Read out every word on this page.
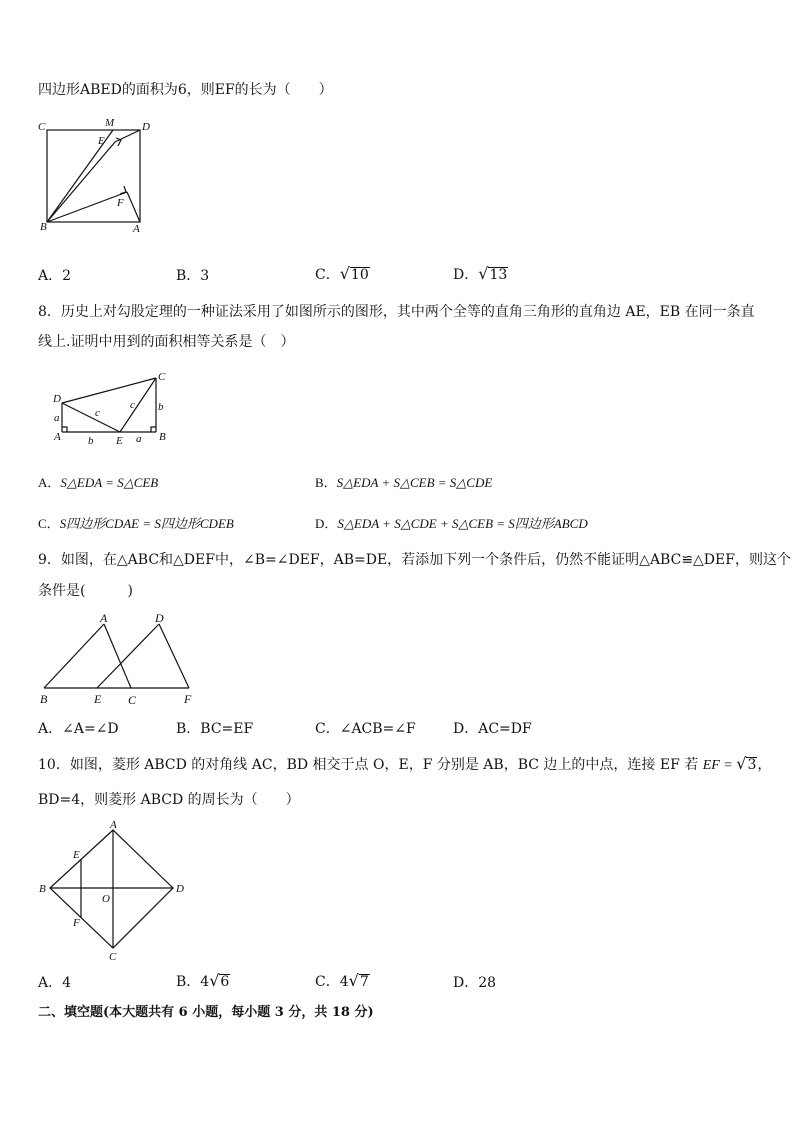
四边形ABED的面积为6，则EF的长为（　　）
C	M	D
E
F
B	A
A．2	B．3	C．√10	D．√13
8．历史上对勾股定理的一种证法采用了如图所示的图形，其中两个全等的直角三角形的直角边 AE，EB 在同一条直
线上.证明中用到的面积相等关系是（　）
D
C
a	c
c b
A b E a B
A．S△EDA = S△CEB	B．S△EDA + S△CEB = S△CDE
C．S四边形CDAE = S四边形CDEB	D．S△EDA + S△CDE + S△CEB = S四边形ABCD
9．如图，在△ABC和△DEF中，∠B=∠DEF，AB=DE，若添加下列一个条件后，仍然不能证明△ABC≌△DEF，则这个
条件是(　　　)
A	D
B	E C	F
A．∠A=∠D	B．BC=EF	C．∠ACB=∠F	D．AC=DF
10．如图，菱形 ABCD 的对角线 AC，BD 相交于点 O，E，F 分别是 AB，BC 边上的中点，连接 EF 若 EF = √3，
BD=4，则菱形 ABCD 的周长为（　　）
A
E
B
O
D
F
C
A．4	B．4√6	C．4√7	D．28
二、填空题(本大题共有 6 小题，每小题 3 分，共 18 分)
